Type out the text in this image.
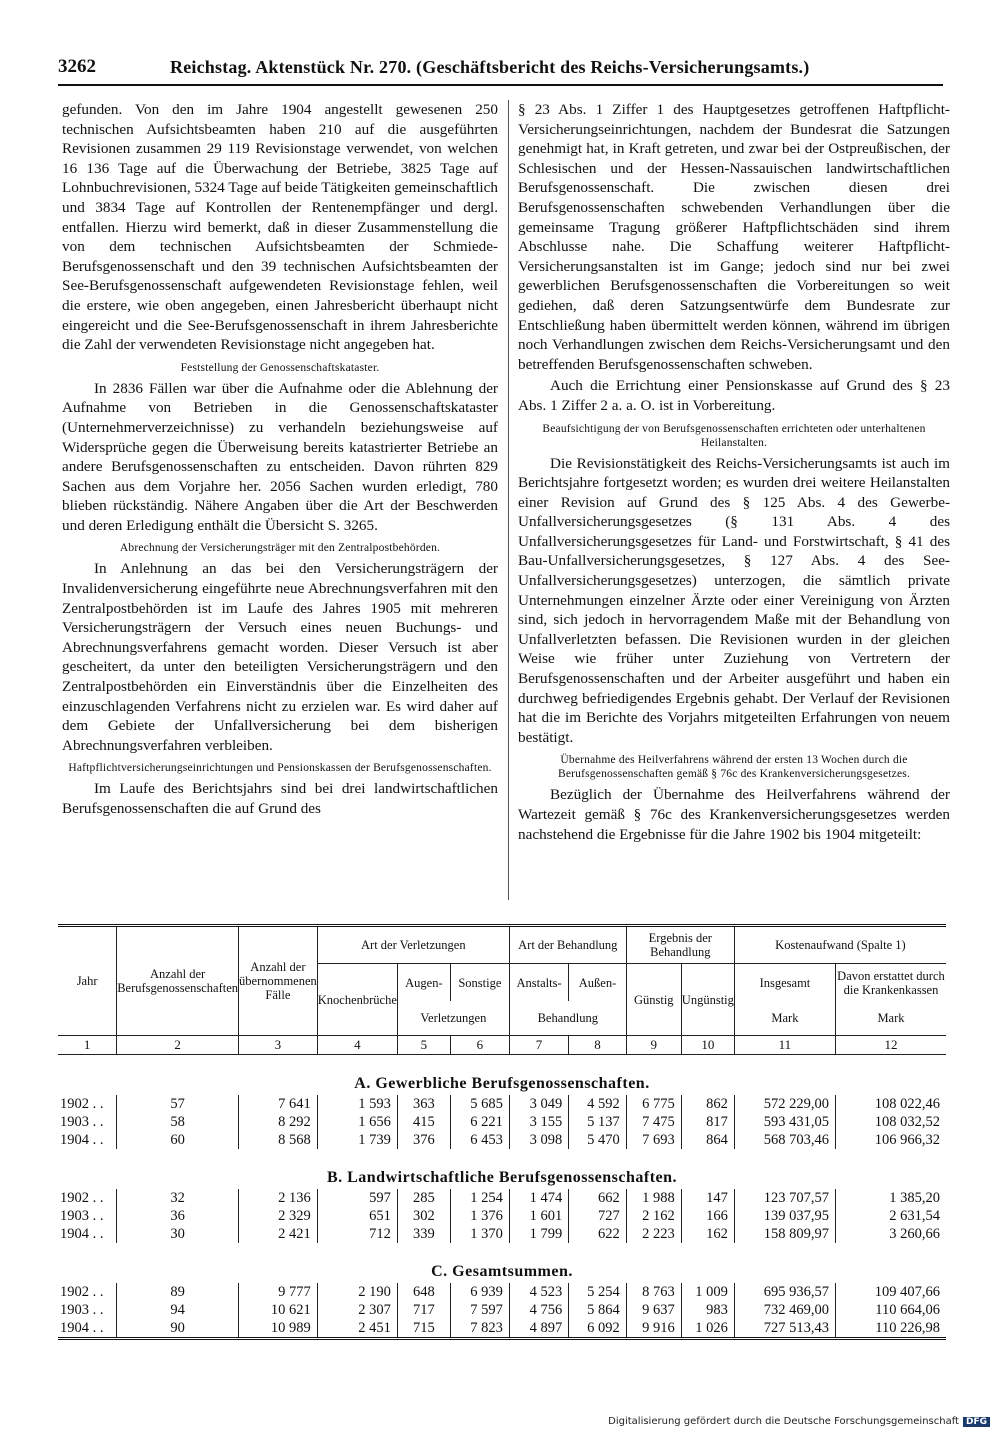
3262	Reichstag. Aktenstück Nr. 270. (Geschäftsbericht des Reichs-Versicherungsamts.)

gefunden. Von den im Jahre 1904 angestellt gewesenen 250 technischen Aufsichtsbeamten haben 210 auf die ausgeführten Revisionen zusammen 29 119 Revisionstage verwendet, von welchen 16 136 Tage auf die Überwachung der Betriebe, 3825 Tage auf Lohnbuchrevisionen, 5324 Tage auf beide Tätigkeiten gemeinschaftlich und 3834 Tage auf Kontrollen der Rentenempfänger und dergl. entfallen. Hierzu wird bemerkt, daß in dieser Zusammenstellung die von dem technischen Aufsichtsbeamten der Schmiede-Berufsgenossenschaft und den 39 technischen Aufsichtsbeamten der See-Berufsgenossenschaft aufgewendeten Revisionstage fehlen, weil die erstere, wie oben angegeben, einen Jahresbericht überhaupt nicht eingereicht und die See-Berufsgenossenschaft in ihrem Jahresberichte die Zahl der verwendeten Revisionstage nicht angegeben hat.

Feststellung der Genossenschaftskataster.

In 2836 Fällen war über die Aufnahme oder die Ablehnung der Aufnahme von Betrieben in die Genossenschaftskataster (Unternehmerverzeichnisse) zu verhandeln beziehungsweise auf Widersprüche gegen die Überweisung bereits katastrierter Betriebe an andere Berufsgenossenschaften zu entscheiden. Davon rührten 829 Sachen aus dem Vorjahre her. 2056 Sachen wurden erledigt, 780 blieben rückständig. Nähere Angaben über die Art der Beschwerden und deren Erledigung enthält die Übersicht S. 3265.

Abrechnung der Versicherungsträger mit den Zentralpostbehörden.

In Anlehnung an das bei den Versicherungsträgern der Invalidenversicherung eingeführte neue Abrechnungsverfahren mit den Zentralpostbehörden ist im Laufe des Jahres 1905 mit mehreren Versicherungsträgern der Versuch eines neuen Buchungs- und Abrechnungsverfahrens gemacht worden. Dieser Versuch ist aber gescheitert, da unter den beteiligten Versicherungsträgern und den Zentralpostbehörden ein Einverständnis über die Einzelheiten des einzuschlagenden Verfahrens nicht zu erzielen war. Es wird daher auf dem Gebiete der Unfallversicherung bei dem bisherigen Abrechnungsverfahren verbleiben.

Haftpflichtversicherungseinrichtungen und Pensionskassen der Berufsgenossenschaften.

Im Laufe des Berichtsjahrs sind bei drei landwirtschaftlichen Berufsgenossenschaften die auf Grund des

§ 23 Abs. 1 Ziffer 1 des Hauptgesetzes getroffenen Haftpflicht-Versicherungseinrichtungen, nachdem der Bundesrat die Satzungen genehmigt hat, in Kraft getreten, und zwar bei der Ostpreußischen, der Schlesischen und der Hessen-Nassauischen landwirtschaftlichen Berufsgenossenschaft. Die zwischen diesen drei Berufsgenossenschaften schwebenden Verhandlungen über die gemeinsame Tragung größerer Haftpflichtschäden sind ihrem Abschlusse nahe. Die Schaffung weiterer Haftpflicht-Versicherungsanstalten ist im Gange; jedoch sind nur bei zwei gewerblichen Berufsgenossenschaften die Vorbereitungen so weit gediehen, daß deren Satzungsentwürfe dem Bundesrate zur Entschließung haben übermittelt werden können, während im übrigen noch Verhandlungen zwischen dem Reichs-Versicherungsamt und den betreffenden Berufsgenossenschaften schweben.

Auch die Errichtung einer Pensionskasse auf Grund des § 23 Abs. 1 Ziffer 2 a. a. O. ist in Vorbereitung.

Beaufsichtigung der von Berufsgenossenschaften errichteten oder unterhaltenen Heilanstalten.

Die Revisionstätigkeit des Reichs-Versicherungsamts ist auch im Berichtsjahre fortgesetzt worden; es wurden drei weitere Heilanstalten einer Revision auf Grund des § 125 Abs. 4 des Gewerbe-Unfallversicherungsgesetzes (§ 131 Abs. 4 des Unfallversicherungsgesetzes für Land- und Forstwirtschaft, § 41 des Bau-Unfallversicherungsgesetzes, § 127 Abs. 4 des See-Unfallversicherungsgesetzes) unterzogen, die sämtlich private Unternehmungen einzelner Ärzte oder einer Vereinigung von Ärzten sind, sich jedoch in hervorragendem Maße mit der Behandlung von Unfallverletzten befassen. Die Revisionen wurden in der gleichen Weise wie früher unter Zuziehung von Vertretern der Berufsgenossenschaften und der Arbeiter ausgeführt und haben ein durchweg befriedigendes Ergebnis gehabt. Der Verlauf der Revisionen hat die im Berichte des Vorjahrs mitgeteilten Erfahrungen von neuem bestätigt.

Übernahme des Heilverfahrens während der ersten 13 Wochen durch die Berufsgenossenschaften gemäß § 76c des Krankenversicherungsgesetzes.

Bezüglich der Übernahme des Heilverfahrens während der Wartezeit gemäß § 76c des Krankenversicherungsgesetzes werden nachstehend die Ergebnisse für die Jahre 1902 bis 1904 mitgeteilt:

Jahr	Anzahl der Berufsgenossenschaften	Anzahl der übernommenen Fälle	Art der Verletzungen			Art der Behandlung		Ergebnis der Behandlung		Kostenaufwand (Spalte 1)	
			Knochenbrüche	Augen-	Sonstige	Anstalts-	Außen-	Günstig	Ungünstig	Insgesamt	Davon erstattet durch die Krankenkassen
				Verletzungen		Behandlung				Mark	Mark
1	2	3	4	5	6	7	8	9	10	11	12
A. Gewerbliche Berufsgenossenschaften.											
1902 . .	57	7 641	1 593	363	5 685	3 049	4 592	6 775	862	572 229,00	108 022,46
1903 . .	58	8 292	1 656	415	6 221	3 155	5 137	7 475	817	593 431,05	108 032,52
1904 . .	60	8 568	1 739	376	6 453	3 098	5 470	7 693	864	568 703,46	106 966,32
B. Landwirtschaftliche Berufsgenossenschaften.											
1902 . .	32	2 136	597	285	1 254	1 474	662	1 988	147	123 707,57	1 385,20
1903 . .	36	2 329	651	302	1 376	1 601	727	2 162	166	139 037,95	2 631,54
1904 . .	30	2 421	712	339	1 370	1 799	622	2 223	162	158 809,97	3 260,66
C. Gesamtsummen.											
1902 . .	89	9 777	2 190	648	6 939	4 523	5 254	8 763	1 009	695 936,57	109 407,66
1903 . .	94	10 621	2 307	717	7 597	4 756	5 864	9 637	983	732 469,00	110 664,06
1904 . .	90	10 989	2 451	715	7 823	4 897	6 092	9 916	1 026	727 513,43	110 226,98
Digitalisierung gefördert durch die Deutsche Forschungsgemeinschaft DFG
